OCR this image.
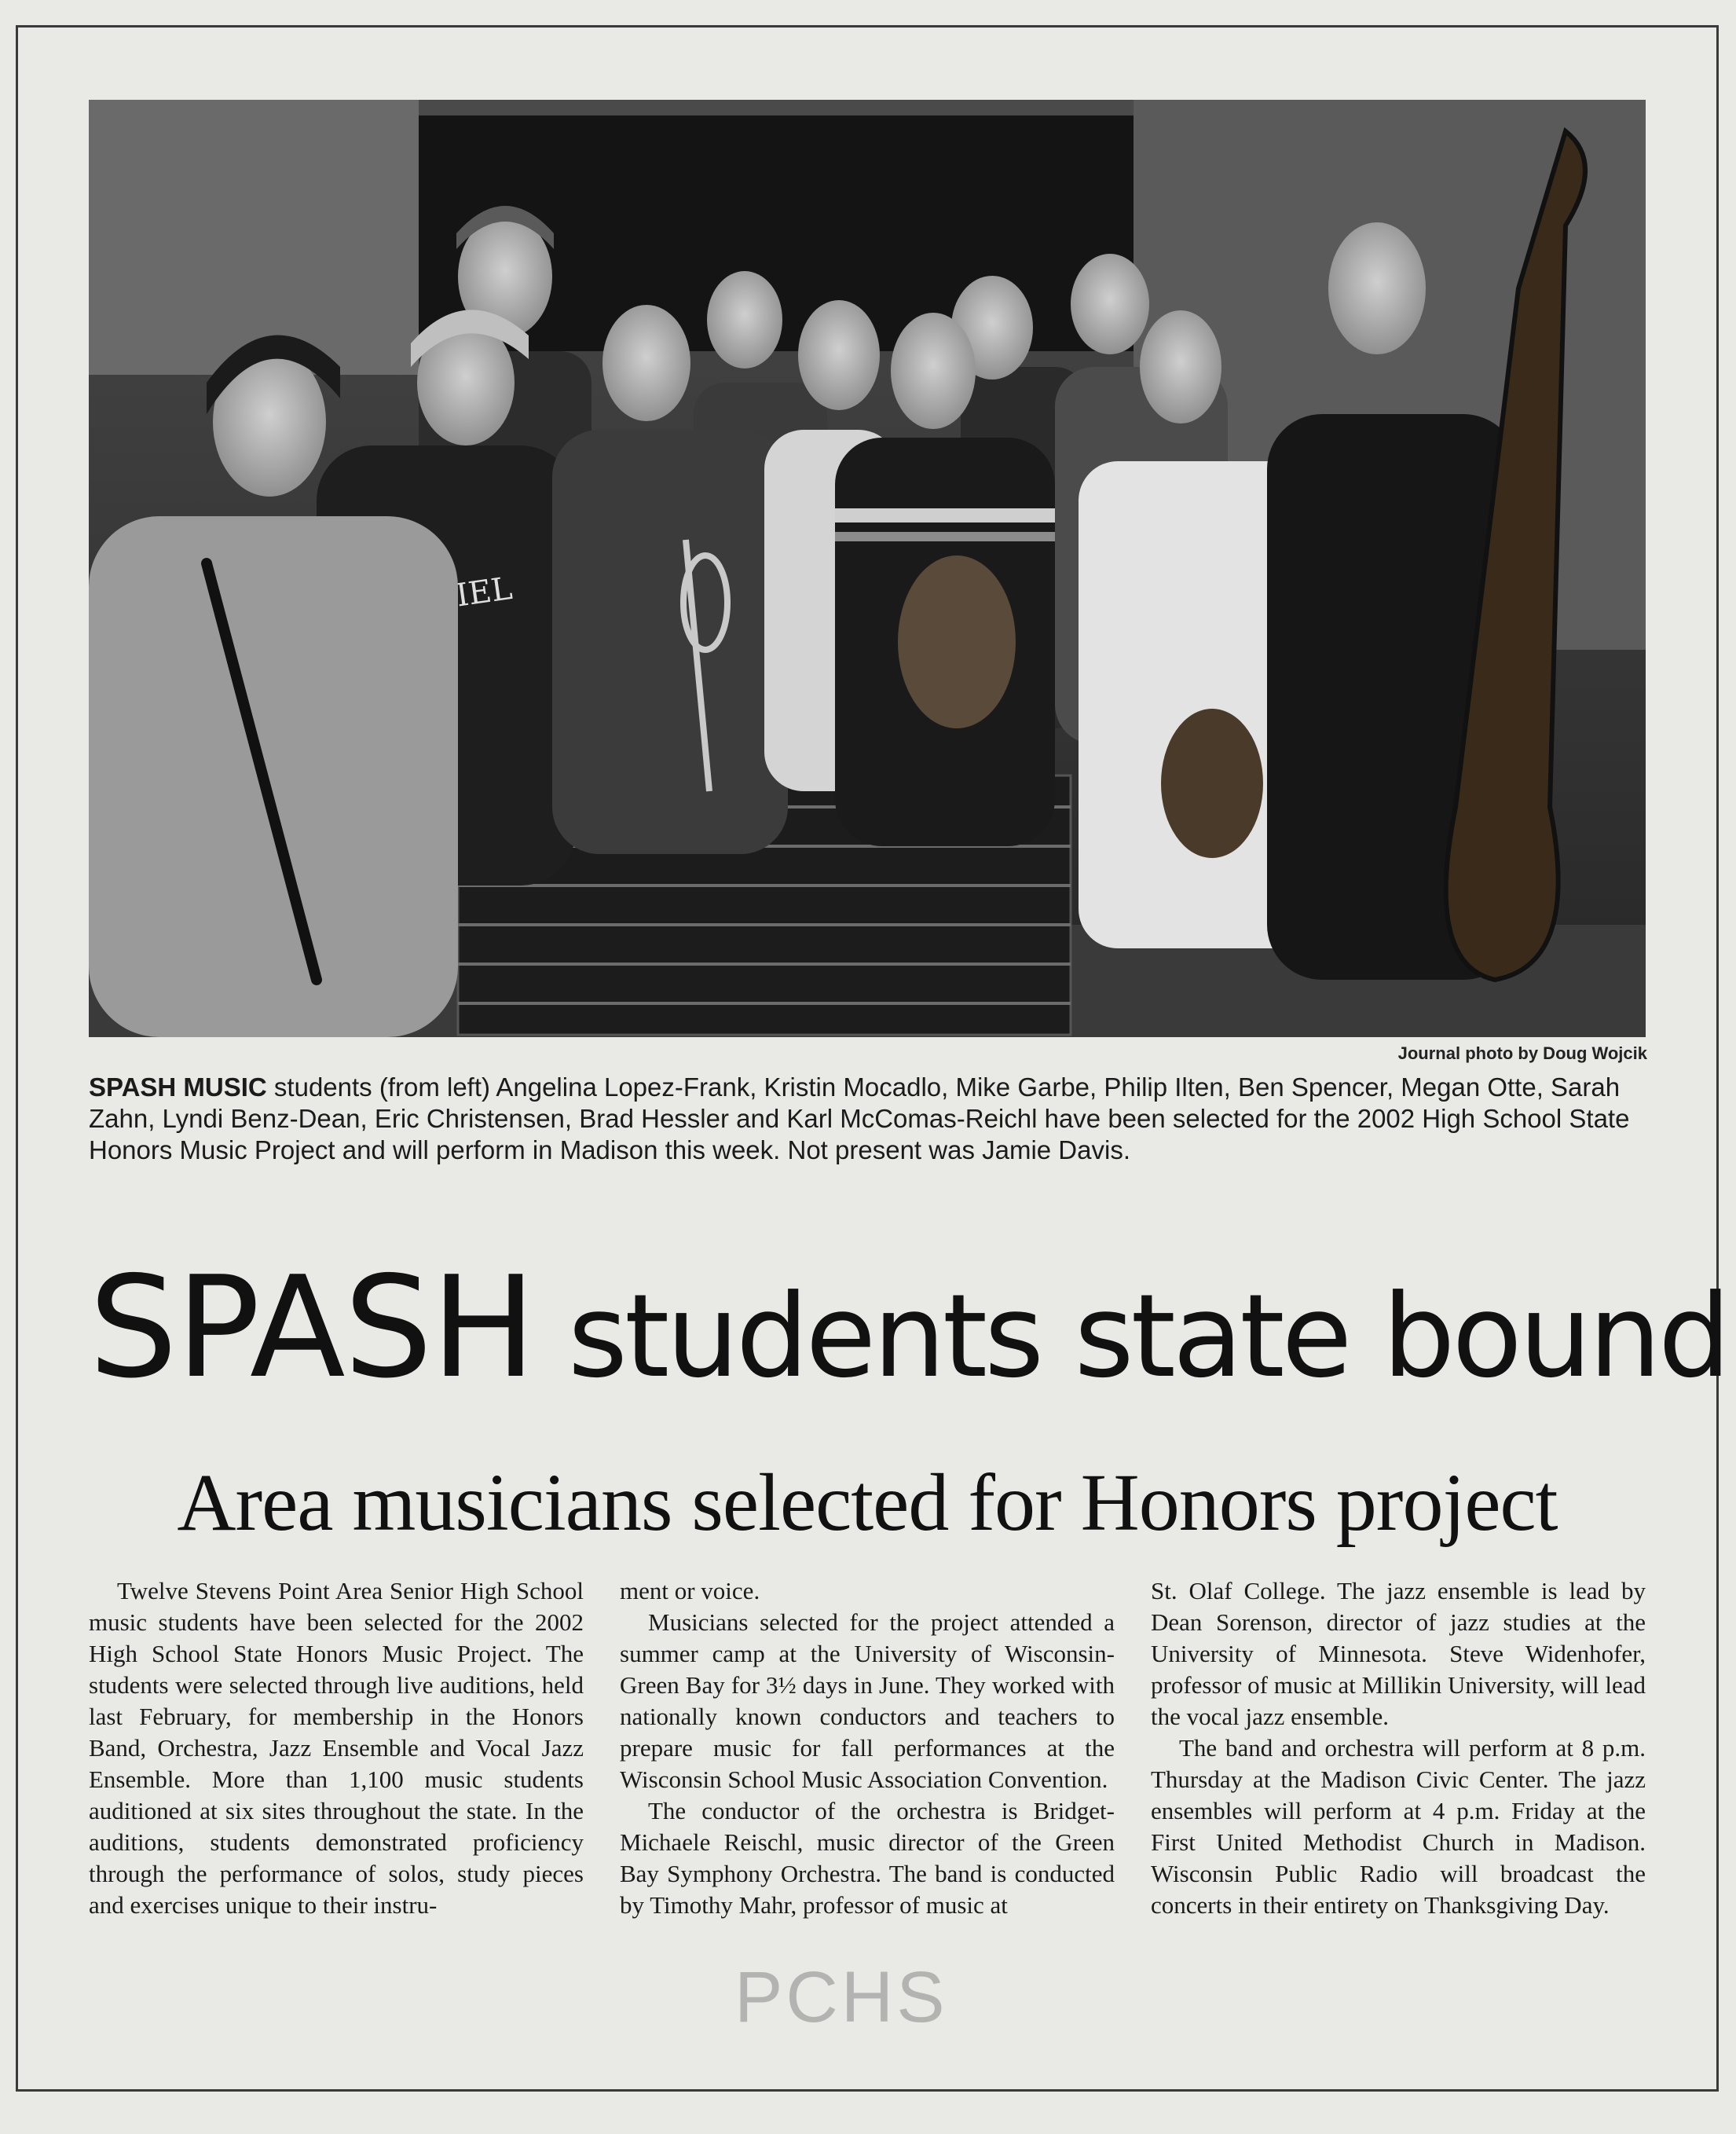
Journal photo by Doug Wojcik
SPASH MUSIC students (from left) Angelina Lopez-Frank, Kristin Mocadlo, Mike Garbe, Philip Ilten, Ben Spencer, Megan Otte, Sarah Zahn, Lyndi Benz-Dean, Eric Christensen, Brad Hessler and Karl McComas-Reichl have been selected for the 2002 High School State Honors Music Project and will perform in Madison this week. Not present was Jamie Davis.
SPASH students state bound
Area musicians selected for Honors project

Twelve Stevens Point Area Senior High School music students have been selected for the 2002 High School State Honors Music Project. The students were selected through live auditions, held last February, for membership in the Honors Band, Orchestra, Jazz Ensemble and Vocal Jazz Ensemble. More than 1,100 music students auditioned at six sites throughout the state. In the auditions, students demonstrated proficiency through the performance of solos, study pieces and exercises unique to their instru-

ment or voice.

Musicians selected for the project attended a summer camp at the University of Wisconsin-Green Bay for 3½ days in June. They worked with nationally known conductors and teachers to prepare music for fall performances at the Wisconsin School Music Association Convention.

The conductor of the orchestra is Bridget-Michaele Reischl, music director of the Green Bay Symphony Orchestra. The band is conducted by Timothy Mahr, professor of music at

St. Olaf College. The jazz ensemble is lead by Dean Sorenson, director of jazz studies at the University of Minnesota. Steve Widenhofer, professor of music at Millikin University, will lead the vocal jazz ensemble.

The band and orchestra will perform at 8 p.m. Thursday at the Madison Civic Center. The jazz ensembles will perform at 4 p.m. Friday at the First United Methodist Church in Madison. Wisconsin Public Radio will broadcast the concerts in their entirety on Thanksgiving Day.

PCHS
